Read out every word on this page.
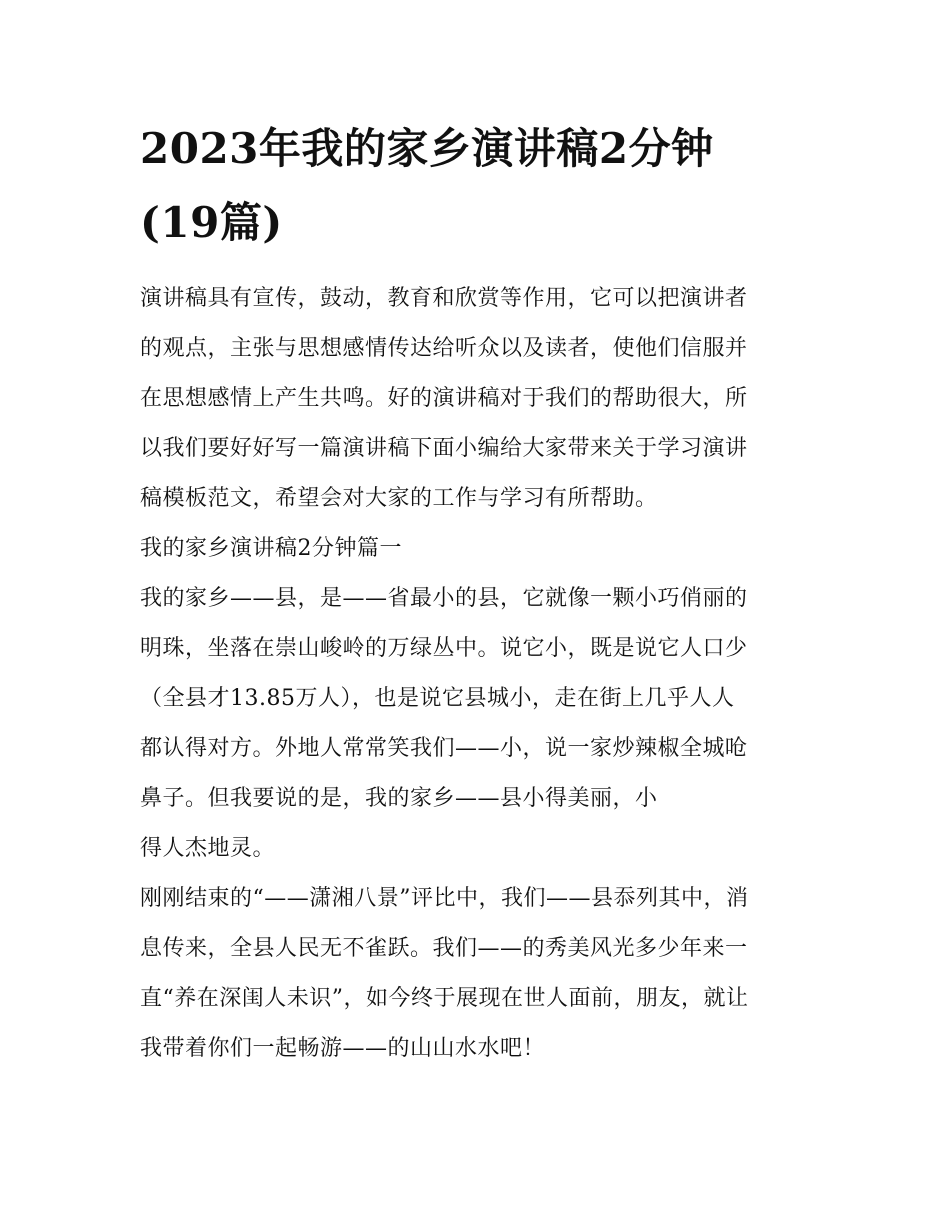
2023年我的家乡演讲稿2分钟
(19篇)

演讲稿具有宣传，鼓动，教育和欣赏等作用，它可以把演讲者
的观点，主张与思想感情传达给听众以及读者，使他们信服并
在思想感情上产生共鸣。好的演讲稿对于我们的帮助很大，所
以我们要好好写一篇演讲稿下面小编给大家带来关于学习演讲
稿模板范文，希望会对大家的工作与学习有所帮助。

我的家乡演讲稿2分钟篇一

我的家乡——县，是——省最小的县，它就像一颗小巧俏丽的
明珠，坐落在崇山峻岭的万绿丛中。说它小，既是说它人口少
（全县才13.85万人），也是说它县城小，走在街上几乎人人
都认得对方。外地人常常笑我们——小，说一家炒辣椒全城呛
鼻子。但我要说的是，我的家乡——县小得美丽，小

得人杰地灵。

刚刚结束的“——潇湘八景”评比中，我们——县忝列其中，消
息传来，全县人民无不雀跃。我们——的秀美风光多少年来一
直“养在深闺人未识”，如今终于展现在世人面前，朋友，就让
我带着你们一起畅游——的山山水水吧！
